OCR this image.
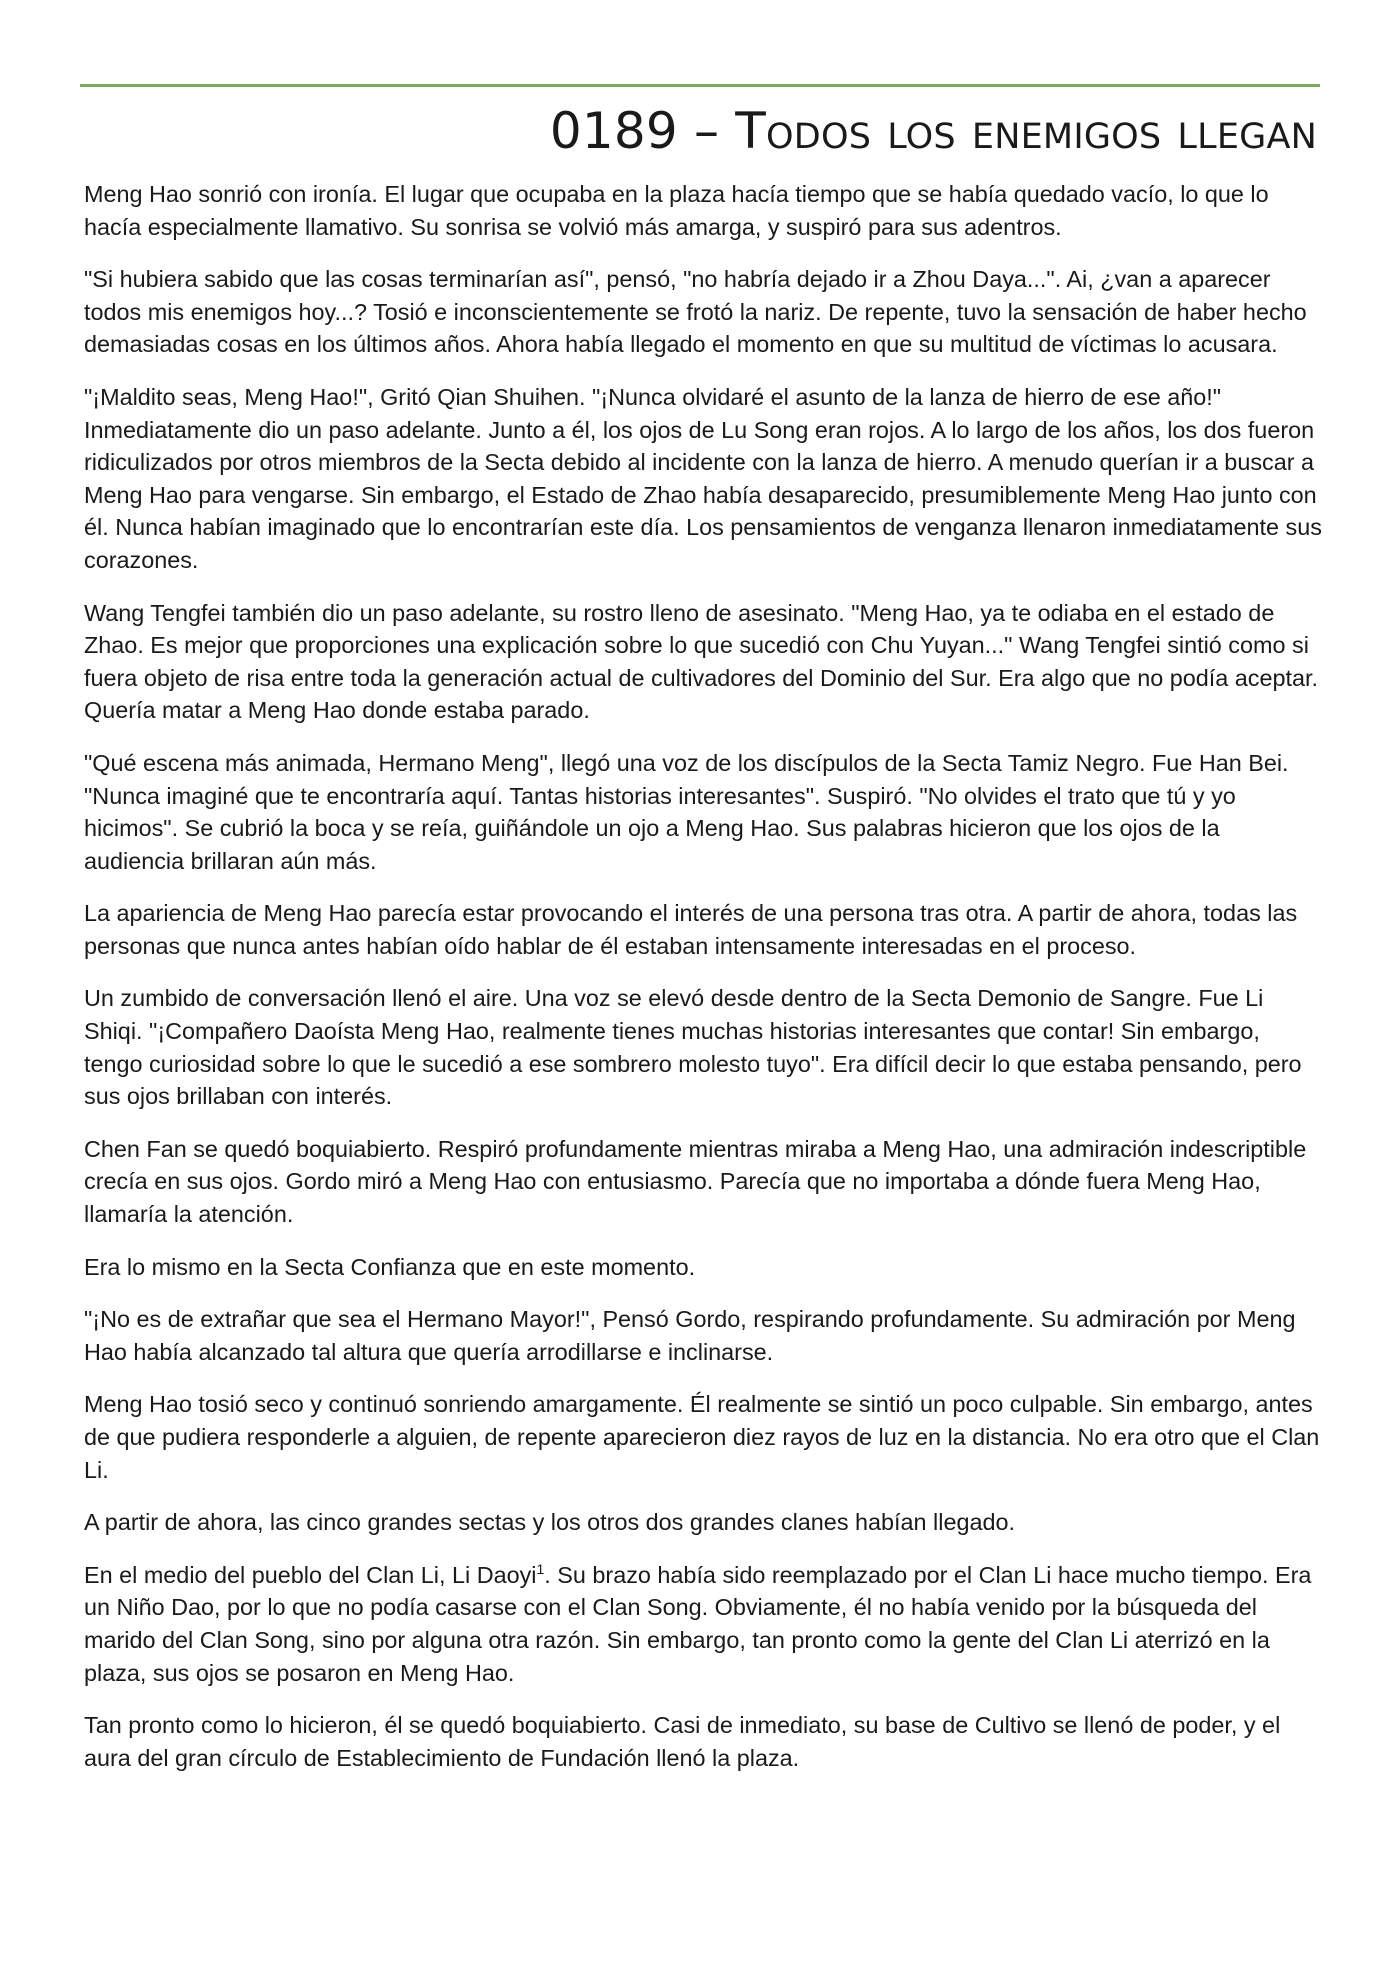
0189 – Todos los enemigos llegan

Meng Hao sonrió con ironía. El lugar que ocupaba en la plaza hacía tiempo que se había quedado vacío, lo que lo hacía especialmente llamativo. Su sonrisa se volvió más amarga, y suspiró para sus adentros.

"Si hubiera sabido que las cosas terminarían así", pensó, "no habría dejado ir a Zhou Daya...". Ai, ¿van a aparecer todos mis enemigos hoy...? Tosió e inconscientemente se frotó la nariz. De repente, tuvo la sensación de haber hecho demasiadas cosas en los últimos años. Ahora había llegado el momento en que su multitud de víctimas lo acusara.

"¡Maldito seas, Meng Hao!", Gritó Qian Shuihen. "¡Nunca olvidaré el asunto de la lanza de hierro de ese año!" Inmediatamente dio un paso adelante. Junto a él, los ojos de Lu Song eran rojos. A lo largo de los años, los dos fueron ridiculizados por otros miembros de la Secta debido al incidente con la lanza de hierro. A menudo querían ir a buscar a Meng Hao para vengarse. Sin embargo, el Estado de Zhao había desaparecido, presumiblemente Meng Hao junto con él. Nunca habían imaginado que lo encontrarían este día. Los pensamientos de venganza llenaron inmediatamente sus corazones.

Wang Tengfei también dio un paso adelante, su rostro lleno de asesinato. "Meng Hao, ya te odiaba en el estado de Zhao. Es mejor que proporciones una explicación sobre lo que sucedió con Chu Yuyan..." Wang Tengfei sintió como si fuera objeto de risa entre toda la generación actual de cultivadores del Dominio del Sur. Era algo que no podía aceptar. Quería matar a Meng Hao donde estaba parado.

"Qué escena más animada, Hermano Meng", llegó una voz de los discípulos de la Secta Tamiz Negro. Fue Han Bei. "Nunca imaginé que te encontraría aquí. Tantas historias interesantes". Suspiró. "No olvides el trato que tú y yo hicimos". Se cubrió la boca y se reía, guiñándole un ojo a Meng Hao. Sus palabras hicieron que los ojos de la audiencia brillaran aún más.

La apariencia de Meng Hao parecía estar provocando el interés de una persona tras otra. A partir de ahora, todas las personas que nunca antes habían oído hablar de él estaban intensamente interesadas en el proceso.

Un zumbido de conversación llenó el aire. Una voz se elevó desde dentro de la Secta Demonio de Sangre. Fue Li Shiqi. "¡Compañero Daoísta Meng Hao, realmente tienes muchas historias interesantes que contar! Sin embargo, tengo curiosidad sobre lo que le sucedió a ese sombrero molesto tuyo". Era difícil decir lo que estaba pensando, pero sus ojos brillaban con interés.

Chen Fan se quedó boquiabierto. Respiró profundamente mientras miraba a Meng Hao, una admiración indescriptible crecía en sus ojos. Gordo miró a Meng Hao con entusiasmo. Parecía que no importaba a dónde fuera Meng Hao, llamaría la atención.

Era lo mismo en la Secta Confianza que en este momento.

"¡No es de extrañar que sea el Hermano Mayor!", Pensó Gordo, respirando profundamente. Su admiración por Meng Hao había alcanzado tal altura que quería arrodillarse e inclinarse.

Meng Hao tosió seco y continuó sonriendo amargamente. Él realmente se sintió un poco culpable. Sin embargo, antes de que pudiera responderle a alguien, de repente aparecieron diez rayos de luz en la distancia. No era otro que el Clan Li.

A partir de ahora, las cinco grandes sectas y los otros dos grandes clanes habían llegado.

En el medio del pueblo del Clan Li, Li Daoyi$^1$. Su brazo había sido reemplazado por el Clan Li hace mucho tiempo. Era un Niño Dao, por lo que no podía casarse con el Clan Song. Obviamente, él no había venido por la búsqueda del marido del Clan Song, sino por alguna otra razón. Sin embargo, tan pronto como la gente del Clan Li aterrizó en la plaza, sus ojos se posaron en Meng Hao.

Tan pronto como lo hicieron, él se quedó boquiabierto. Casi de inmediato, su base de Cultivo se llenó de poder, y el aura del gran círculo de Establecimiento de Fundación llenó la plaza.
